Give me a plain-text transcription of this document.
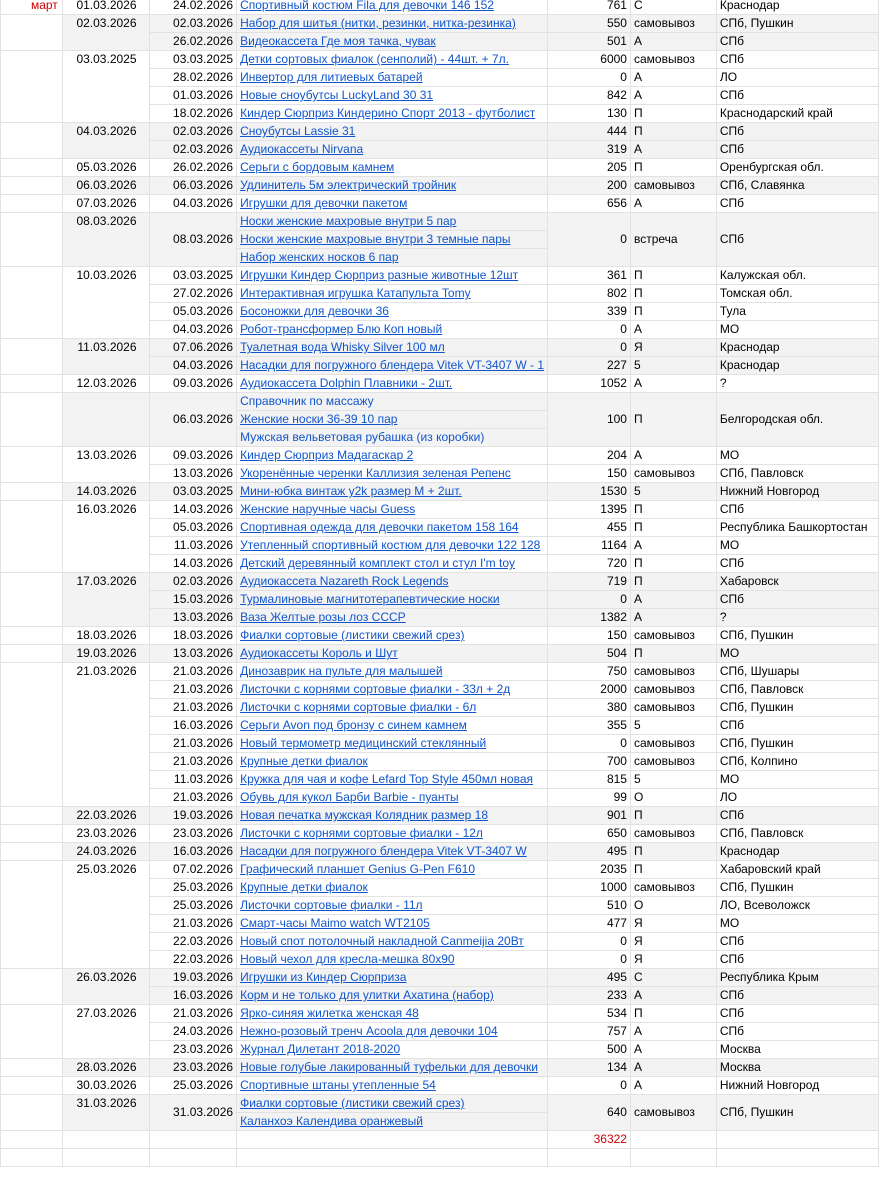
март	01.03.2026	24.02.2026	Спортивный костюм Fila для девочки 146 152	761	С	Краснодар
	02.03.2026	02.03.2026	Набор для шитья (нитки, резинки, нитка-резинка)	550	самовывоз	СПб, Пушкин
		26.02.2026	Видеокассета Где моя тачка, чувак	501	А	СПб
	03.03.2025	03.03.2025	Детки сортовых фиалок (сенполий) - 44шт. + 7л.	6000	самовывоз	СПб
		28.02.2026	Инвертор для литиевых батарей	0	А	ЛО
		01.03.2026	Новые сноубутсы LuckyLand 30 31	842	А	СПб
		18.02.2026	Киндер Сюрприз Киндерино Спорт 2013 - футболист	130	П	Краснодарский край
	04.03.2026	02.03.2026	Сноубутсы Lassie 31	444	П	СПб
		02.03.2026	Аудиокассеты Nirvana	319	А	СПб
	05.03.2026	26.02.2026	Серьги с бордовым камнем	205	П	Оренбургская обл.
	06.03.2026	06.03.2026	Удлинитель 5м электрический тройник	200	самовывоз	СПб, Славянка
	07.03.2026	04.03.2026	Игрушки для девочки пакетом	656	А	СПб
	08.03.2026	08.03.2026	Носки женские махровые внутри 5 пар	0	встреча	СПб
			Носки женские махровые внутри 3 темные пары			
			Набор женских носков 6 пар			
	10.03.2026	03.03.2025	Игрушки Киндер Сюрприз разные животные 12шт	361	П	Калужская обл.
		27.02.2026	Интерактивная игрушка Катапульта Tomy	802	П	Томская обл.
		05.03.2026	Босоножки для девочки 36	339	П	Тула
		04.03.2026	Робот-трансформер Блю Коп новый	0	А	МО
	11.03.2026	07.06.2026	Туалетная вода Whisky Silver 100 мл	0	Я	Краснодар
		04.03.2026	Насадки для погружного блендера Vitek VT-3407 W - 1	227	5	Краснодар
	12.03.2026	09.03.2026	Аудиокассета Dolphin Плавники - 2шт.	1052	А	?
		06.03.2026	Справочник по массажу	100	П	Белгородская обл.
			Женские носки 36-39 10 пар			
			Мужская вельветовая рубашка (из коробки)			
	13.03.2026	09.03.2026	Киндер Сюрприз Мадагаскар 2	204	А	МО
		13.03.2026	Укоренённые черенки Каллизия зеленая Репенс	150	самовывоз	СПб, Павловск
	14.03.2026	03.03.2025	Мини-юбка винтаж y2k размер M + 2шт.	1530	5	Нижний Новгород
	16.03.2026	14.03.2026	Женские наручные часы Guess	1395	П	СПб
		05.03.2026	Спортивная одежда для девочки пакетом 158 164	455	П	Республика Башкортостан
		11.03.2026	Утепленный спортивный костюм для девочки 122 128	1164	А	МО
		14.03.2026	Детский деревянный комплект стол и стул I'm toy	720	П	СПб
	17.03.2026	02.03.2026	Аудиокассета Nazareth Rock Legends	719	П	Хабаровск
		15.03.2026	Турмалиновые магнитотерапевтические носки	0	А	СПб
		13.03.2026	Ваза Желтые розы лоз СССР	1382	А	?
	18.03.2026	18.03.2026	Фиалки сортовые (листики свежий срез)	150	самовывоз	СПб, Пушкин
	19.03.2026	13.03.2026	Аудиокассеты Король и Шут	504	П	МО
	21.03.2026	21.03.2026	Динозаврик на пульте для малышей	750	самовывоз	СПб, Шушары
		21.03.2026	Листочки с корнями сортовые фиалки - 33л + 2д	2000	самовывоз	СПб, Павловск
		21.03.2026	Листочки с корнями сортовые фиалки - 6л	380	самовывоз	СПб, Пушкин
		16.03.2026	Серьги Avon под бронзу с синем камнем	355	5	СПб
		21.03.2026	Новый термометр медицинский стеклянный	0	самовывоз	СПб, Пушкин
		21.03.2026	Крупные детки фиалок	700	самовывоз	СПб, Колпино
		11.03.2026	Кружка для чая и кофе Lefard Top Style 450мл новая	815	5	МО
		21.03.2026	Обувь для кукол Барби Barbie - пуанты	99	О	ЛО
	22.03.2026	19.03.2026	Новая печатка мужская Колядник размер 18	901	П	СПб
	23.03.2026	23.03.2026	Листочки с корнями сортовые фиалки - 12л	650	самовывоз	СПб, Павловск
	24.03.2026	16.03.2026	Насадки для погружного блендера Vitek VT-3407 W	495	П	Краснодар
	25.03.2026	07.02.2026	Графический планшет Genius G-Pen F610	2035	П	Хабаровский край
		25.03.2026	Крупные детки фиалок	1000	самовывоз	СПб, Пушкин
		25.03.2026	Листочки сортовые фиалки - 11л	510	О	ЛО, Всеволожск
		21.03.2026	Смарт-часы Maimo watch WT2105	477	Я	МО
		22.03.2026	Новый спот потолочный накладной Canmeijia 20Вт	0	Я	СПб
		22.03.2026	Новый чехол для кресла-мешка 80х90	0	Я	СПб
	26.03.2026	19.03.2026	Игрушки из Киндер Сюрприза	495	С	Республика Крым
		16.03.2026	Корм и не только для улитки Ахатина (набор)	233	А	СПб
	27.03.2026	21.03.2026	Ярко-синяя жилетка женская 48	534	П	СПб
		24.03.2026	Нежно-розовый тренч Acoola для девочки 104	757	А	СПб
		23.03.2026	Журнал Дилетант 2018-2020	500	А	Москва
	28.03.2026	23.03.2026	Новые голубые лакированный туфельки для девочки	134	А	Москва
	30.03.2026	25.03.2026	Спортивные штаны утепленные 54	0	А	Нижний Новгород
	31.03.2026	31.03.2026	Фиалки сортовые (листики свежий срез)	640	самовывоз	СПб, Пушкин
			Каланхоэ Календива оранжевый			
				36322		
